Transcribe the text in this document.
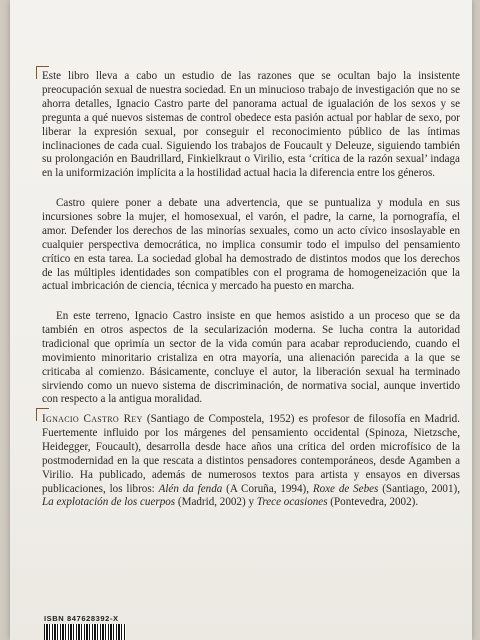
Este libro lleva a cabo un estudio de las razones que se ocultan bajo la insistente preocupación sexual de nuestra sociedad. En un minucioso trabajo de investigación que no se ahorra detalles, Ignacio Castro parte del panorama actual de igualación de los sexos y se pregunta a qué nuevos sistemas de control obedece esta pasión actual por hablar de sexo, por liberar la expresión sexual, por conseguir el reconocimiento público de las íntimas inclinaciones de cada cual. Siguiendo los trabajos de Foucault y Deleuze, siguiendo también su prolongación en Baudrillard, Finkielkraut o Virilio, esta ‘crítica de la razón sexual’ indaga en la uniformización implícita a la hostilidad actual hacia la diferencia entre los géneros.

Castro quiere poner a debate una advertencia, que se puntualiza y modula en sus incursiones sobre la mujer, el homosexual, el varón, el padre, la carne, la pornografía, el amor. Defender los derechos de las minorías sexuales, como un acto cívico insoslayable en cualquier perspectiva democrática, no implica consumir todo el impulso del pensamiento crítico en esta tarea. La sociedad global ha demostrado de distintos modos que los derechos de las múltiples identidades son compatibles con el programa de homogeneización que la actual imbricación de ciencia, técnica y mercado ha puesto en marcha.

En este terreno, Ignacio Castro insiste en que hemos asistido a un proceso que se da también en otros aspectos de la secularización moderna. Se lucha contra la autoridad tradicional que oprimía un sector de la vida común para acabar reproduciendo, cuando el movimiento minoritario cristaliza en otra mayoría, una alienación parecida a la que se criticaba al comienzo. Básicamente, concluye el autor, la liberación sexual ha terminado sirviendo como un nuevo sistema de discriminación, de normativa social, aunque invertido con respecto a la antigua moralidad.

Ignacio Castro Rey (Santiago de Compostela, 1952) es profesor de filosofía en Madrid. Fuertemente influido por los márgenes del pensamiento occidental (Spinoza, Nietzsche, Heidegger, Foucault), desarrolla desde hace años una crítica del orden microfísico de la postmodernidad en la que rescata a distintos pensadores contemporáneos, desde Agamben a Virilio. Ha publicado, además de numerosos textos para artista y ensayos en diversas publicaciones, los libros: Alén da fenda (A Coruña, 1994), Roxe de Sebes (Santiago, 2001), La explotación de los cuerpos (Madrid, 2002) y Trece ocasiones (Pontevedra, 2002).

ISBN 847628392-X
